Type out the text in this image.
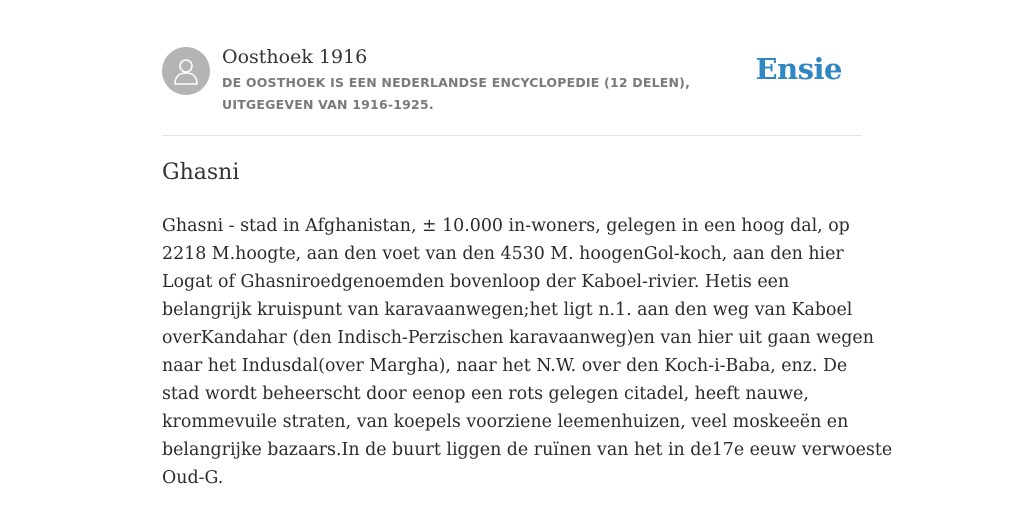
Oosthoek 1916
DE OOSTHOEK IS EEN NEDERLANDSE ENCYCLOPEDIE (12 DELEN), UITGEGEVEN VAN 1916-1925.
Ensie
Ghasni

Ghasni - stad in Afghanistan, ± 10.000 in-woners, gelegen in een hoog dal, op
2218 M.hoogte, aan den voet van den 4530 M. hoogenGol-koch, aan den hier
Logat of Ghasniroedgenoemden bovenloop der Kaboel-rivier. Hetis een
belangrijk kruispunt van karavaanwegen;het ligt n.1. aan den weg van Kaboel
overKandahar (den Indisch-Perzischen karavaanweg)en van hier uit gaan wegen
naar het Indusdal(over Margha), naar het N.W. over den Koch-i-Baba, enz. De
stad wordt beheerscht door eenop een rots gelegen citadel, heeft nauwe,
krommevuile straten, van koepels voorziene leemenhuizen, veel moskeeën en
belangrijke bazaars.In de buurt liggen de ruïnen van het in de17e eeuw verwoeste
Oud-G.
